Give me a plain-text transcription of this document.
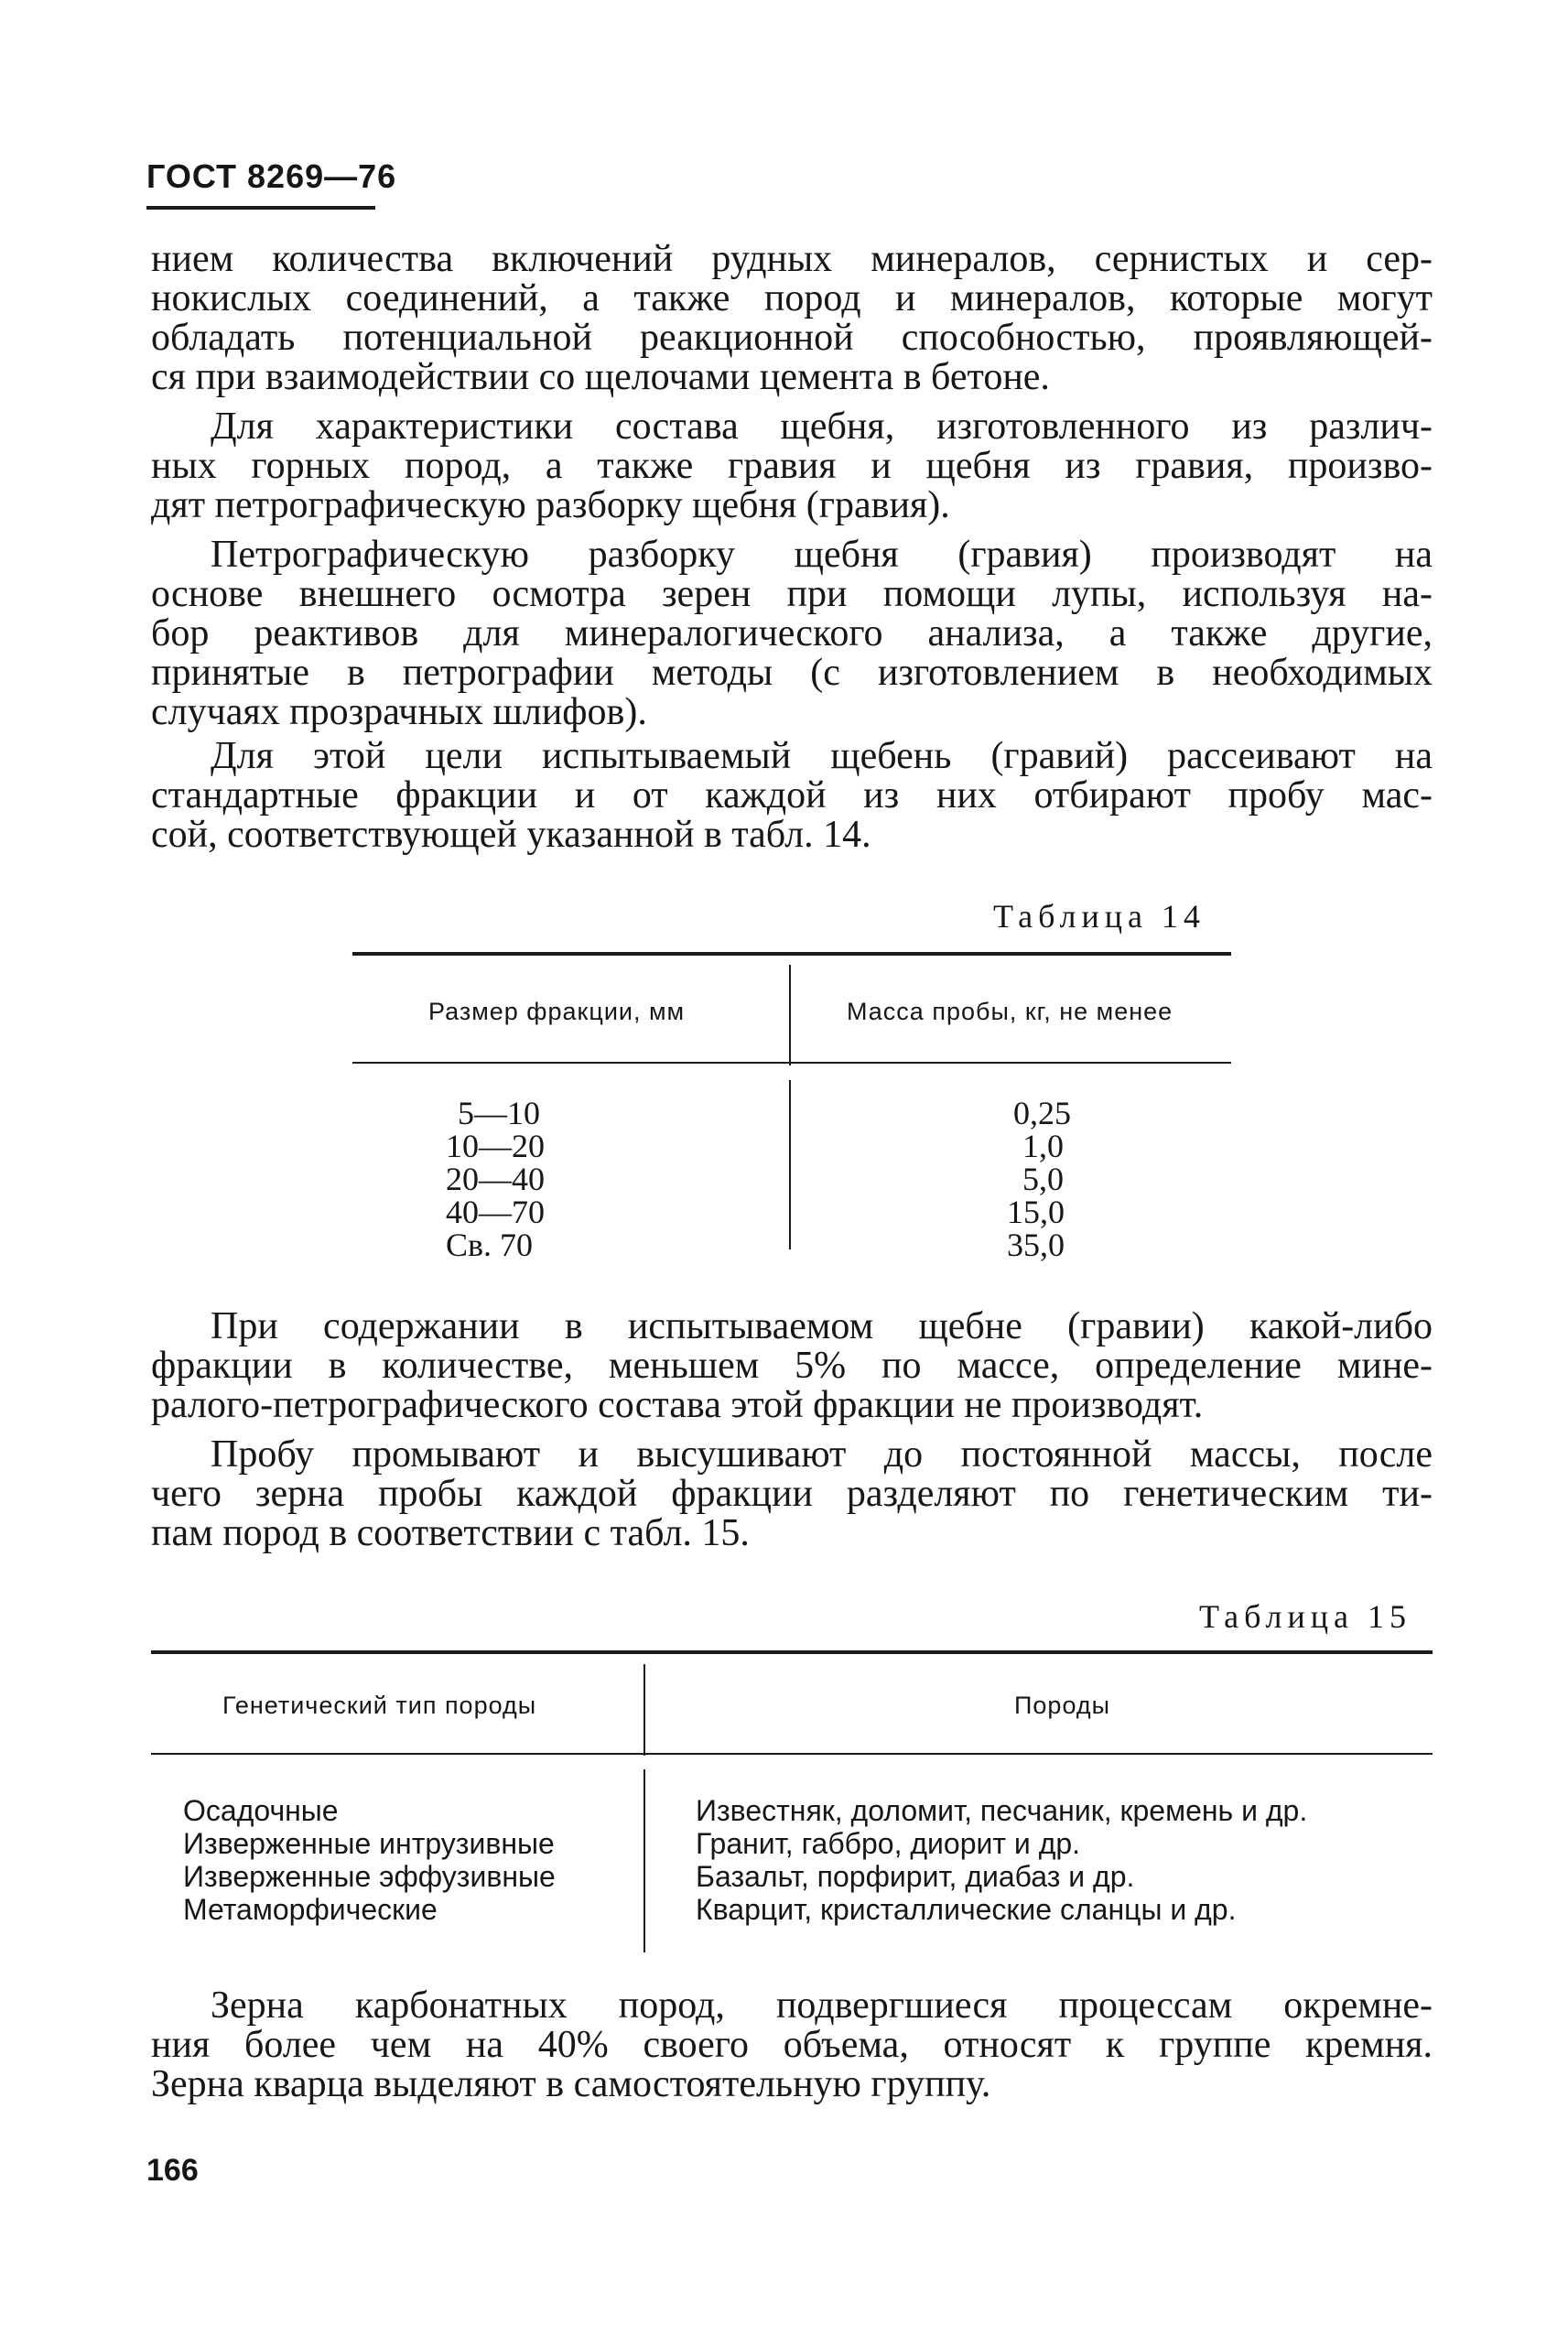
ГОСТ 8269—76
нием количества включений рудных минералов, сернистых и сер-
нокислых соединений, а также пород и минералов, которые могут
обладать потенциальной реакционной способностью, проявляющей-
ся при взаимодействии со щелочами цемента в бетоне.
Для характеристики состава щебня, изготовленного из различ-
ных горных пород, а также гравия и щебня из гравия, произво-
дят петрографическую разборку щебня (гравия).
Петрографическую разборку щебня (гравия) производят на
основе внешнего осмотра зерен при помощи лупы, используя на-
бор реактивов для минералогического анализа, а также другие,
принятые в петрографии методы (с изготовлением в необходимых
случаях прозрачных шлифов).
Для этой цели испытываемый щебень (гравий) рассеивают на
стандартные фракции и от каждой из них отбирают пробу мас-
сой, соответствующей указанной в табл. 14.
Таблица 14
Размер фракции, мм	Масса пробы, кг, не менее
5—10	0,25
10—20	1,0
20—40	5,0
40—70	15,0
Св. 70	35,0
При содержании в испытываемом щебне (гравии) какой-либо
фракции в количестве, меньшем 5% по массе, определение мине-
ралого-петрографического состава этой фракции не производят.
Пробу промывают и высушивают до постоянной массы, после
чего зерна пробы каждой фракции разделяют по генетическим ти-
пам пород в соответствии с табл. 15.
Таблица 15
Генетический тип породы	Породы
Осадочные	Известняк, доломит, песчаник, кремень и др.
Изверженные интрузивные	Гранит, габбро, диорит и др.
Изверженные эффузивные	Базальт, порфирит, диабаз и др.
Метаморфические	Кварцит, кристаллические сланцы и др.
Зерна карбонатных пород, подвергшиеся процессам окремне-
ния более чем на 40% своего объема, относят к группе кремня.
Зерна кварца выделяют в самостоятельную группу.
166
